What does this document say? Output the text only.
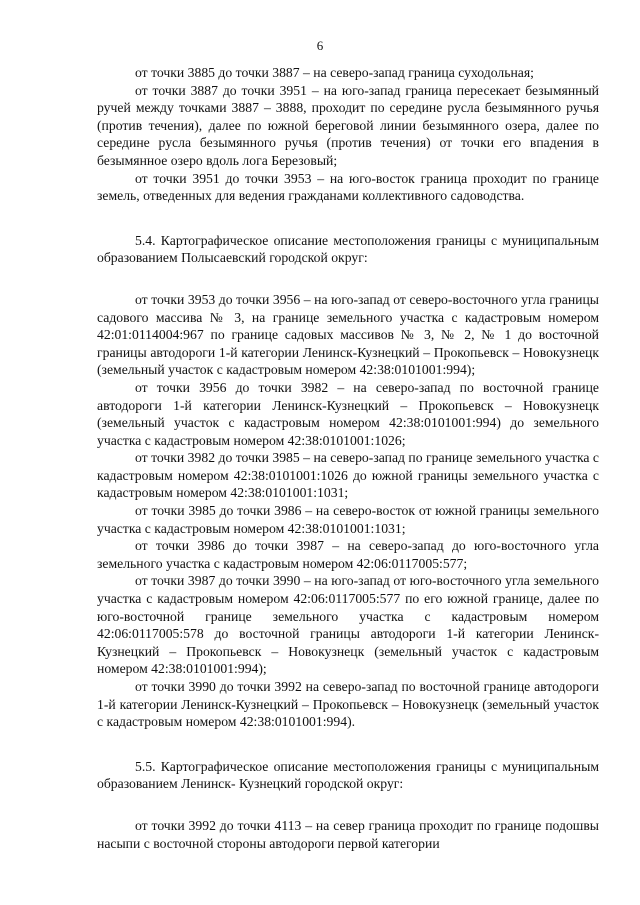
6

от точки 3885 до точки 3887 – на северо-запад граница суходольная;

от точки 3887 до точки 3951 – на юго-запад граница пересекает безымянный ручей между точками 3887 – 3888, проходит по середине русла безымянного ручья (против течения), далее по южной береговой линии безымянного озера, далее по середине русла безымянного ручья (против течения) от точки его впадения в безымянное озеро вдоль лога Березовый;

от точки 3951 до точки 3953 – на юго-восток граница проходит по границе земель, отведенных для ведения гражданами коллективного садоводства.

5.4. Картографическое описание местоположения границы с муниципальным образованием Полысаевский городской округ:

от точки 3953 до точки 3956 – на юго-запад от северо-восточного угла границы садового массива № 3, на границе земельного участка с кадастровым номером 42:01:0114004:967 по границе садовых массивов № 3, № 2, № 1 до восточной границы автодороги 1-й категории Ленинск-Кузнецкий – Прокопьевск – Новокузнецк (земельный участок с кадастровым номером 42:38:0101001:994);

от точки 3956 до точки 3982 – на северо-запад по восточной границе автодороги 1-й категории Ленинск-Кузнецкий – Прокопьевск – Новокузнецк (земельный участок с кадастровым номером 42:38:0101001:994) до земельного участка с кадастровым номером 42:38:0101001:1026;

от точки 3982 до точки 3985 – на северо-запад по границе земельного участка с кадастровым номером 42:38:0101001:1026 до южной границы земельного участка с кадастровым номером 42:38:0101001:1031;

от точки 3985 до точки 3986 – на северо-восток от южной границы земельного участка с кадастровым номером 42:38:0101001:1031;

от точки 3986 до точки 3987 – на северо-запад до юго-восточного угла земельного участка с кадастровым номером 42:06:0117005:577;

от точки 3987 до точки 3990 – на юго-запад от юго-восточного угла земельного участка с кадастровым номером 42:06:0117005:577 по его южной границе, далее по юго-восточной границе земельного участка с кадастровым номером 42:06:0117005:578 до восточной границы автодороги 1-й категории Ленинск-Кузнецкий – Прокопьевск – Новокузнецк (земельный участок с кадастровым номером 42:38:0101001:994);

от точки 3990 до точки 3992 на северо-запад по восточной границе автодороги 1-й категории Ленинск-Кузнецкий – Прокопьевск – Новокузнецк (земельный участок с кадастровым номером 42:38:0101001:994).

5.5. Картографическое описание местоположения границы с муниципальным образованием Ленинск- Кузнецкий городской округ:

от точки 3992 до точки 4113 – на север граница проходит по границе подошвы насыпи с восточной стороны автодороги первой категории
